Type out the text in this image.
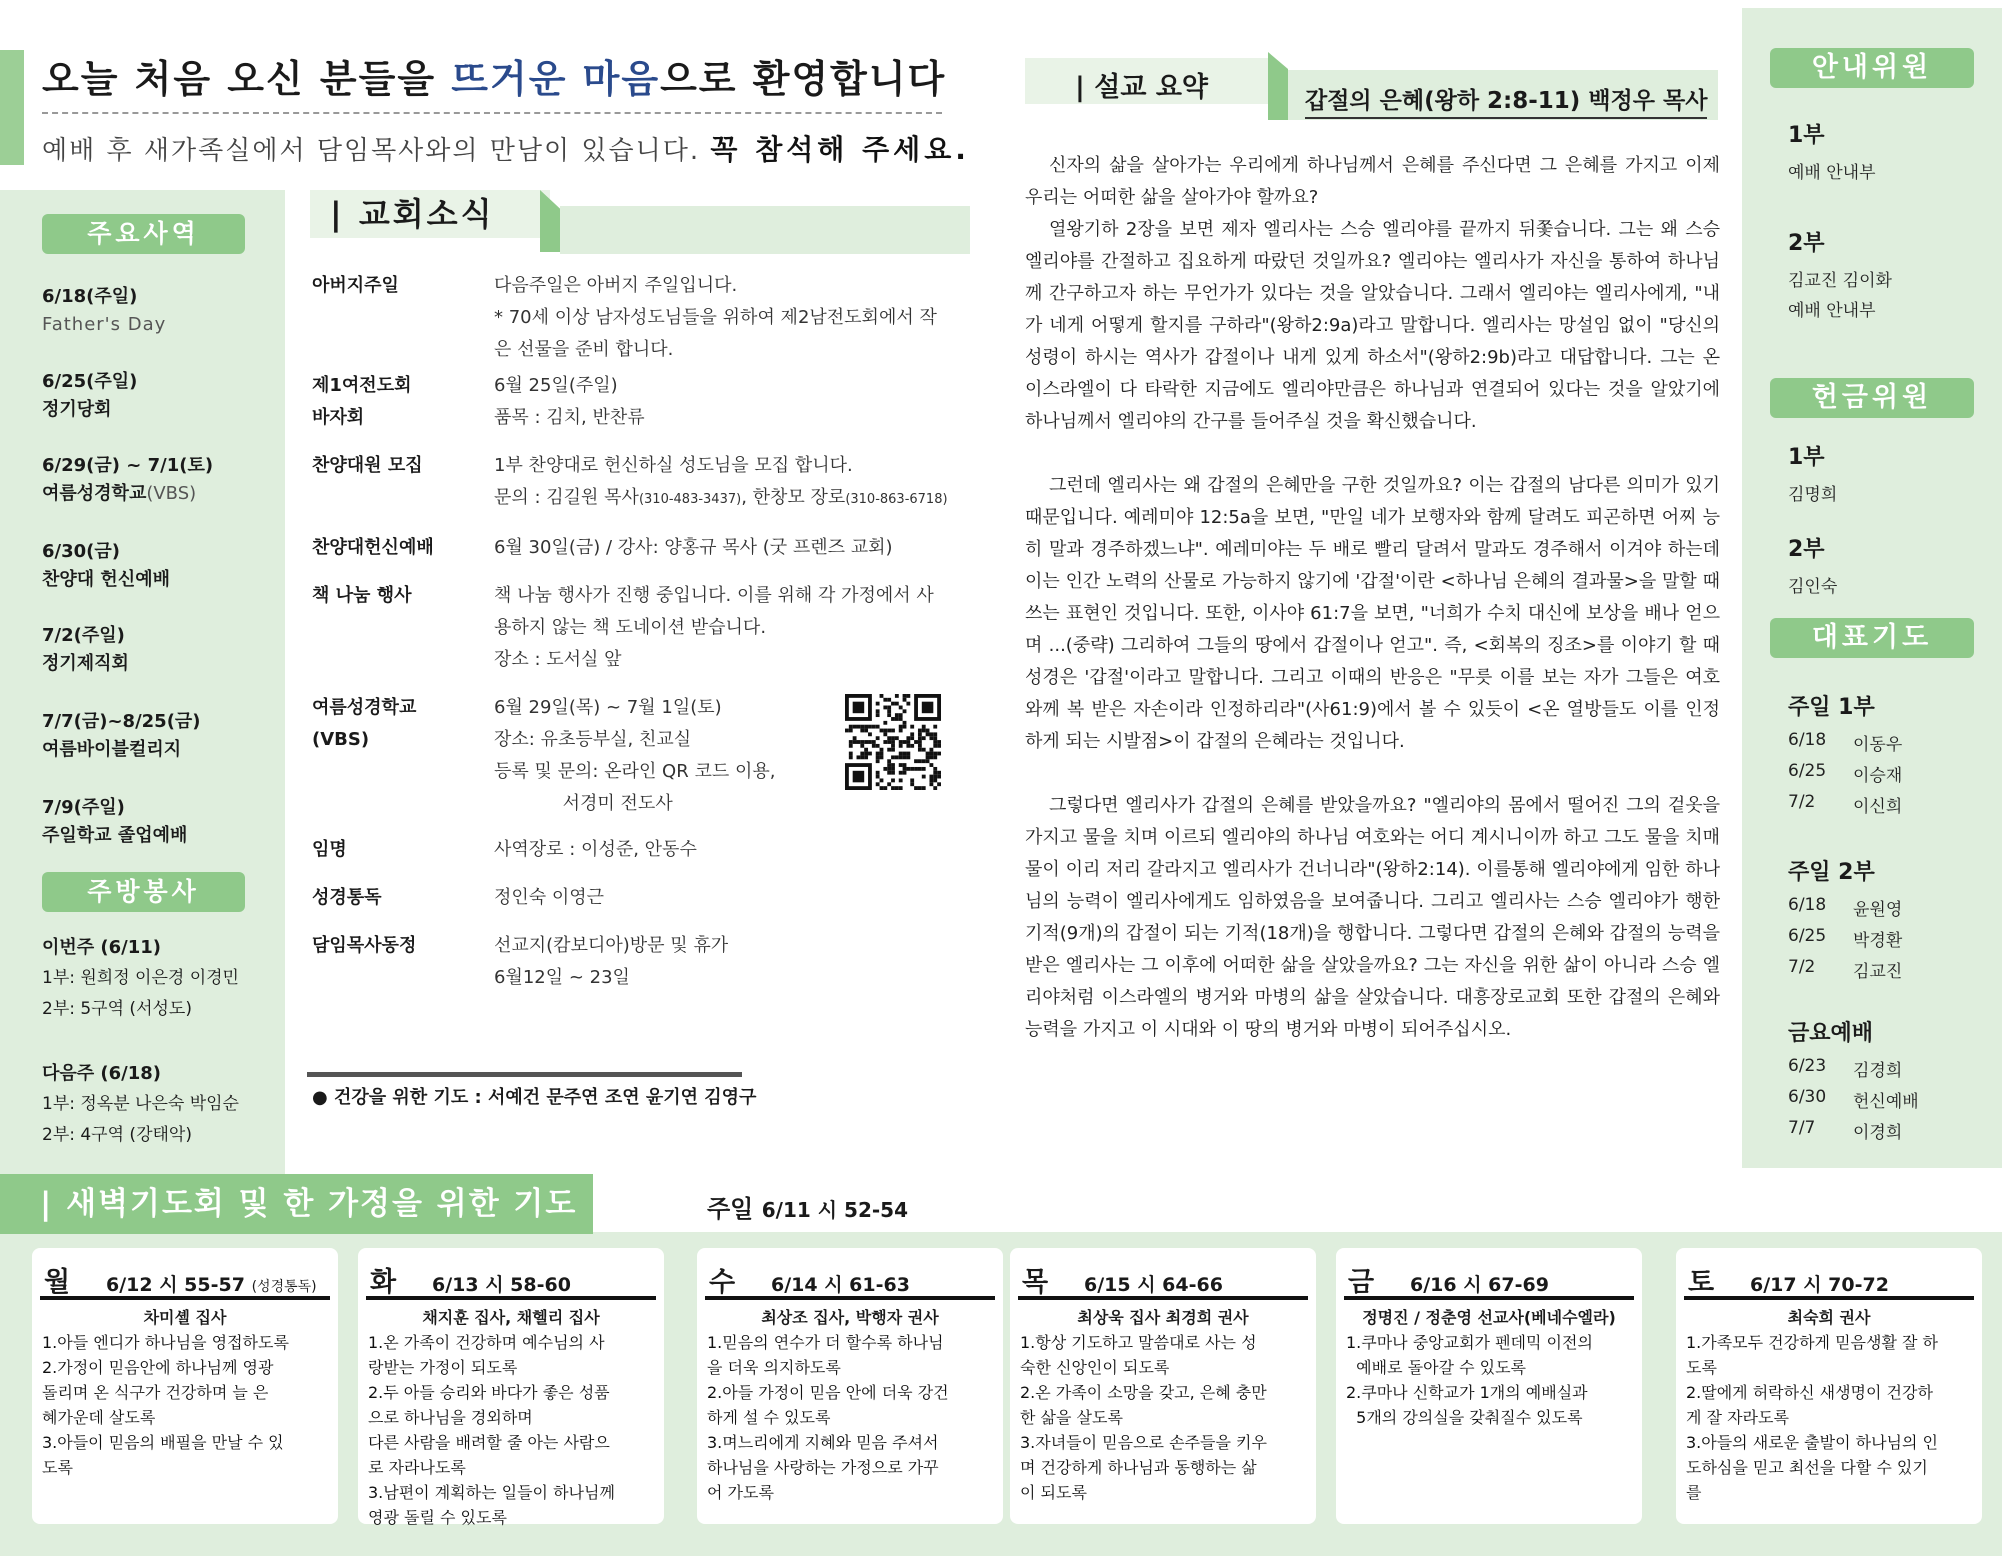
오늘 처음 오신 분들을 뜨거운 마음으로 환영합니다
예배 후 새가족실에서 담임목사와의 만남이 있습니다. 꼭 참석해 주세요.
주요사역
6/18(주일)
Father's Day
6/25(주일)
정기당회
6/29(금) ~ 7/1(토)
여름성경학교(VBS)
6/30(금)
찬양대 헌신예배
7/2(주일)
정기제직회
7/7(금)~8/25(금)
여름바이블컬리지
7/9(주일)
주일학교 졸업예배
주방봉사
이번주 (6/11)
1부: 원희정 이은경 이경민
2부: 5구역 (서성도)
다음주 (6/18)
1부: 정옥분 나은숙 박임순
2부: 4구역 (강태악)
| 교회소식
아버지주일	다음주일은 아버지 주일입니다.
* 70세 이상 남자성도님들을 위하여 제2남전도회에서 작
은 선물을 준비 합니다.
제1여전도회
바자회
6월 25일(주일)
품목 : 김치, 반찬류
찬양대원 모집	1부 찬양대로 헌신하실 성도님을 모집 합니다.
문의 : 김길원 목사(310-483-3437), 한창모 장로(310-863-6718)
찬양대헌신예배	6월 30일(금) / 강사: 양홍규 목사 (굿 프렌즈 교회)
책 나눔 행사	책 나눔 행사가 진행 중입니다. 이를 위해 각 가정에서 사
용하지 않는 책 도네이션 받습니다.
장소 : 도서실 앞
여름성경학교
(VBS)
6월 29일(목) ~ 7월 1일(토)
장소: 유초등부실, 친교실
등록 및 문의: 온라인 QR 코드 이용,
서경미 전도사
임명	사역장로 : 이성준, 안동수
성경통독	정인숙 이영근
담임목사동정	선교지(캄보디아)방문 및 휴가
6월12일 ~ 23일
● 건강을 위한 기도 : 서예건 문주연 조연 윤기연 김영구
| 설교 요약	갑절의 은혜(왕하 2:8-11) 백정우 목사

신자의 삶을 살아가는 우리에게 하나님께서 은혜를 주신다면 그 은혜를 가지고 이제 우리는 어떠한 삶을 살아가야 할까요?

열왕기하 2장을 보면 제자 엘리사는 스승 엘리야를 끝까지 뒤쫓습니다. 그는 왜 스승 엘리야를 간절하고 집요하게 따랐던 것일까요? 엘리야는 엘리사가 자신을 통하여 하나님께 간구하고자 하는 무언가가 있다는 것을 알았습니다. 그래서 엘리야는 엘리사에게, "내가 네게 어떻게 할지를 구하라"(왕하2:9a)라고 말합니다. 엘리사는 망설임 없이 "당신의 성령이 하시는 역사가 갑절이나 내게 있게 하소서"(왕하2:9b)라고 대답합니다. 그는 온 이스라엘이 다 타락한 지금에도 엘리야만큼은 하나님과 연결되어 있다는 것을 알았기에 하나님께서 엘리야의 간구를 들어주실 것을 확신했습니다.

그런데 엘리사는 왜 갑절의 은혜만을 구한 것일까요? 이는 갑절의 남다른 의미가 있기 때문입니다. 예레미야 12:5a을 보면, "만일 네가 보행자와 함께 달려도 피곤하면 어찌 능히 말과 경주하겠느냐". 예레미야는 두 배로 빨리 달려서 말과도 경주해서 이겨야 하는데 이는 인간 노력의 산물로 가능하지 않기에 '갑절'이란 <하나님 은혜의 결과물>을 말할 때 쓰는 표현인 것입니다. 또한, 이사야 61:7을 보면, "너희가 수치 대신에 보상을 배나 얻으며 ...(중략) 그리하여 그들의 땅에서 갑절이나 얻고". 즉, <회복의 징조>를 이야기 할 때 성경은 '갑절'이라고 말합니다. 그리고 이때의 반응은 "무릇 이를 보는 자가 그들은 여호와께 복 받은 자손이라 인정하리라"(사61:9)에서 볼 수 있듯이 <온 열방들도 이를 인정하게 되는 시발점>이 갑절의 은혜라는 것입니다.

그렇다면 엘리사가 갑절의 은혜를 받았을까요? "엘리야의 몸에서 떨어진 그의 겉옷을 가지고 물을 치며 이르되 엘리야의 하나님 여호와는 어디 계시니이까 하고 그도 물을 치매 물이 이리 저리 갈라지고 엘리사가 건너니라"(왕하2:14). 이를통해 엘리야에게 임한 하나님의 능력이 엘리사에게도 임하였음을 보여줍니다. 그리고 엘리사는 스승 엘리야가 행한 기적(9개)의 갑절이 되는 기적(18개)을 행합니다. 그렇다면 갑절의 은혜와 갑절의 능력을 받은 엘리사는 그 이후에 어떠한 삶을 살았을까요? 그는 자신을 위한 삶이 아니라 스승 엘리야처럼 이스라엘의 병거와 마병의 삶을 살았습니다. 대흥장로교회 또한 갑절의 은혜와 능력을 가지고 이 시대와 이 땅의 병거와 마병이 되어주십시오.

안내위원
헌금위원
대표기도
1부
예배 안내부
2부
김교진 김이화
예배 안내부
1부
김명희
2부
김인숙
주일 1부
6/18 이동우
6/25 이승재
7/2 이신희
주일 2부
6/18 윤원영
6/25 박경환
7/2 김교진
금요예배
6/23 김경희
6/30 헌신예배
7/7 이경희
| 새벽기도회 및 한 가정을 위한 기도	주일 6/11 시 52-54
월 6/12 시 55-57 (성경통독)
차미셸 집사
1.아들 엔디가 하나님을 영접하도록
2.가정이 믿음안에 하나님께 영광
돌리며 온 식구가 건강하며 늘 은
혜가운데 살도록
3.아들이 믿음의 배필을 만날 수 있
도록
화 6/13 시 58-60
채지훈 집사, 채헬리 집사
1.온 가족이 건강하며 예수님의 사
랑받는 가정이 되도록
2.두 아들 승리와 바다가 좋은 성품
으로 하나님을 경외하며
다른 사람을 배려할 줄 아는 사람으
로 자라나도록
3.남편이 계획하는 일들이 하나님께
영광 돌릴 수 있도록
수 6/14 시 61-63
최상조 집사, 박행자 권사
1.믿음의 연수가 더 할수록 하나님
을 더욱 의지하도록
2.아들 가정이 믿음 안에 더욱 강건
하게 설 수 있도록
3.며느리에게 지혜와 믿음 주셔서
하나님을 사랑하는 가정으로 가꾸
어 가도록
목 6/15 시 64-66
최상욱 집사 최경희 권사
1.항상 기도하고 말씀대로 사는 성
숙한 신앙인이 되도록
2.온 가족이 소망을 갖고, 은혜 충만
한 삶을 살도록
3.자녀들이 믿음으로 손주들을 키우
며 건강하게 하나님과 동행하는 삶
이 되도록
금 6/16 시 67-69
정명진 / 정춘영 선교사(베네수엘라)
1.쿠마나 중앙교회가 펜데믹 이전의
예배로 돌아갈 수 있도록
2.쿠마나 신학교가 1개의 예배실과
5개의 강의실을 갖춰질수 있도록
토 6/17 시 70-72
최숙희 권사
1.가족모두 건강하게 믿음생활 잘 하
도록
2.딸에게 허락하신 새생명이 건강하
게 잘 자라도록
3.아들의 새로운 출발이 하나님의 인
도하심을 믿고 최선을 다할 수 있기
를
